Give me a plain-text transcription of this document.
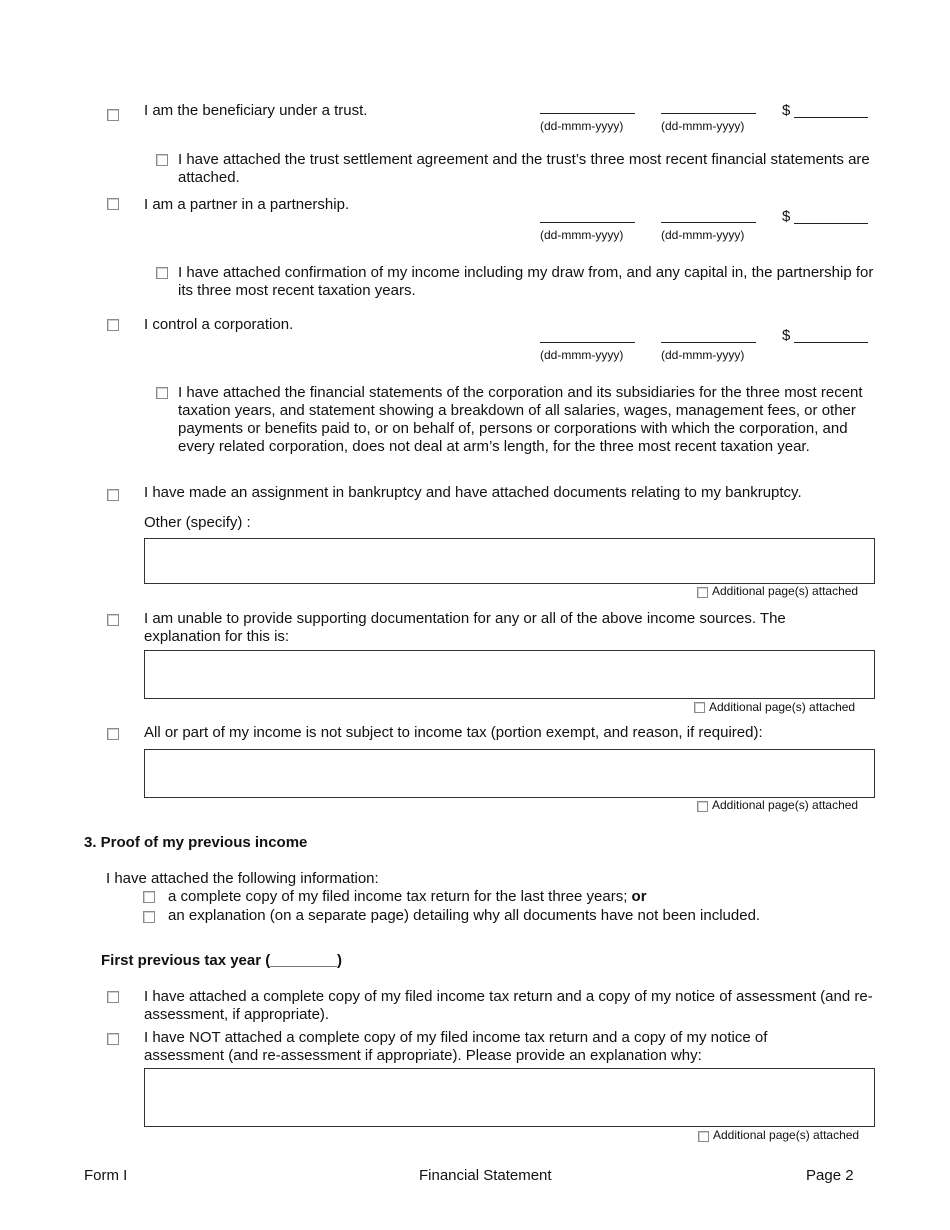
I am the beneficiary under a trust.
(dd-mmm-yyyy)	(dd-mmm-yyyy)
$
I have attached the trust settlement agreement and the trust’s three most recent financial statements are attached.
I am a partner in a partnership.
(dd-mmm-yyyy)	(dd-mmm-yyyy)
$
I have attached confirmation of my income including my draw from, and any capital in, the partnership for its three most recent taxation years.
I control a corporation.
(dd-mmm-yyyy)	(dd-mmm-yyyy)
$
I have attached the financial statements of the corporation and its subsidiaries for the three most recent taxation years, and statement showing a breakdown of all salaries, wages, management fees, or other payments or benefits paid to, or on behalf of, persons or corporations with which the corporation, and every related corporation, does not deal at arm’s length, for the three most recent taxation year.
I have made an assignment in bankruptcy and have attached documents relating to my bankruptcy.
Other (specify) :
Additional page(s) attached
I am unable to provide supporting documentation for any or all of the above income sources. The explanation for this is:
Additional page(s) attached
All or part of my income is not subject to income tax (portion exempt, and reason, if required):
Additional page(s) attached
3. Proof of my previous income
I have attached the following information:
a complete copy of my filed income tax return for the last three years; or
an explanation (on a separate page) detailing why all documents have not been included.
First previous tax year (________)
I have attached a complete copy of my filed income tax return and a copy of my notice of assessment (and re-assessment, if appropriate).
I have NOT attached a complete copy of my filed income tax return and a copy of my notice of assessment (and re-assessment if appropriate). Please provide an explanation why:
Additional page(s) attached
Form I	Financial Statement	Page 2
